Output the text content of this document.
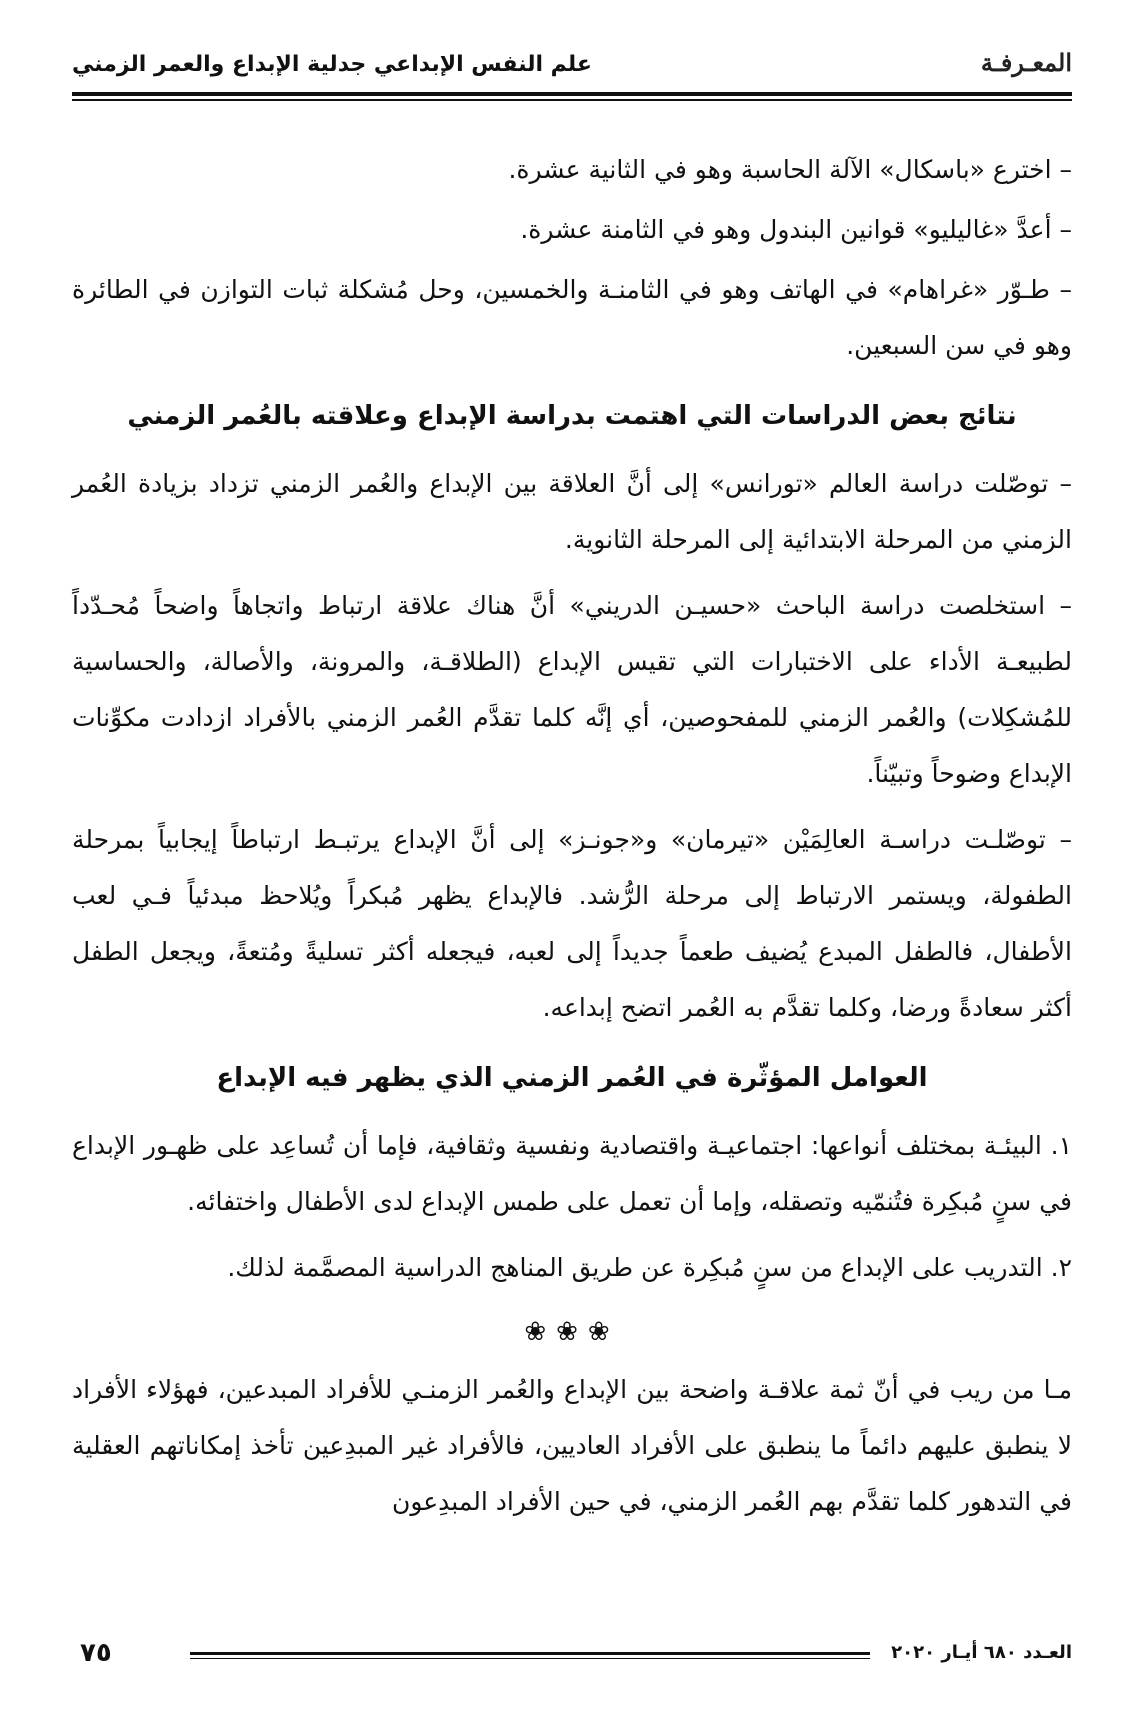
المعـرفـة
علم النفس الإبداعي جدلية الإبداع والعمر الزمني

– اخترع «باسكال» الآلة الحاسبة وهو في الثانية عشرة.

– أعدَّ «غاليليو» قوانين البندول وهو في الثامنة عشرة.

– طـوّر «غراهام» في الهاتف وهو في الثامنـة والخمسين، وحل مُشكلة ثبات التوازن في الطائرة وهو في سن السبعين.

نتائج بعض الدراسات التي اهتمت بدراسة الإبداع وعلاقته بالعُمر الزمني

– توصّلت دراسة العالم «تورانس» إلى أنَّ العلاقة بين الإبداع والعُمر الزمني تزداد بزيادة العُمر الزمني من المرحلة الابتدائية إلى المرحلة الثانوية.

– استخلصت دراسة الباحث «حسيـن الدريني» أنَّ هناك علاقة ارتباط واتجاهاً واضحاً مُحـدّداً لطبيعـة الأداء على الاختبارات التي تقيس الإبداع (الطلاقـة، والمرونة، والأصالة، والحساسية للمُشكِلات) والعُمر الزمني للمفحوصين، أي إنَّه كلما تقدَّم العُمر الزمني بالأفراد ازدادت مكوِّنات الإبداع وضوحاً وتبيّناً.

– توصّلـت دراسـة العالِمَيْن «تيرمان» و«جونـز» إلى أنَّ الإبداع يرتبـط ارتباطاً إيجابياً بمرحلة الطفولة، ويستمر الارتباط إلى مرحلة الرُّشد. فالإبداع يظهر مُبكراً ويُلاحظ مبدئياً فـي لعب الأطفال، فالطفل المبدع يُضيف طعماً جديداً إلى لعبه، فيجعله أكثر تسليةً ومُتعةً، ويجعل الطفل أكثر سعادةً ورضا، وكلما تقدَّم به العُمر اتضح إبداعه.

العوامل المؤثّرة في العُمر الزمني الذي يظهر فيه الإبداع

١. البيئـة بمختلف أنواعها: اجتماعيـة واقتصادية ونفسية وثقافية، فإما أن تُساعِد على ظهـور الإبداع في سنٍ مُبكِرة فتُنمّيه وتصقله، وإما أن تعمل على طمس الإبداع لدى الأطفال واختفائه.

٢. التدريب على الإبداع من سنٍ مُبكِرة عن طريق المناهج الدراسية المصمَّمة لذلك.

❀❀❀

مـا من ريب في أنّ ثمة علاقـة واضحة بين الإبداع والعُمر الزمنـي للأفراد المبدعين، فهؤلاء الأفراد لا ينطبق عليهم دائماً ما ينطبق على الأفراد العاديين، فالأفراد غير المبدِعين تأخذ إمكاناتهم العقلية في التدهور كلما تقدَّم بهم العُمر الزمني، في حين الأفراد المبدِعون

٧٥	العـدد ٦٨٠ أيـار ٢٠٢٠
